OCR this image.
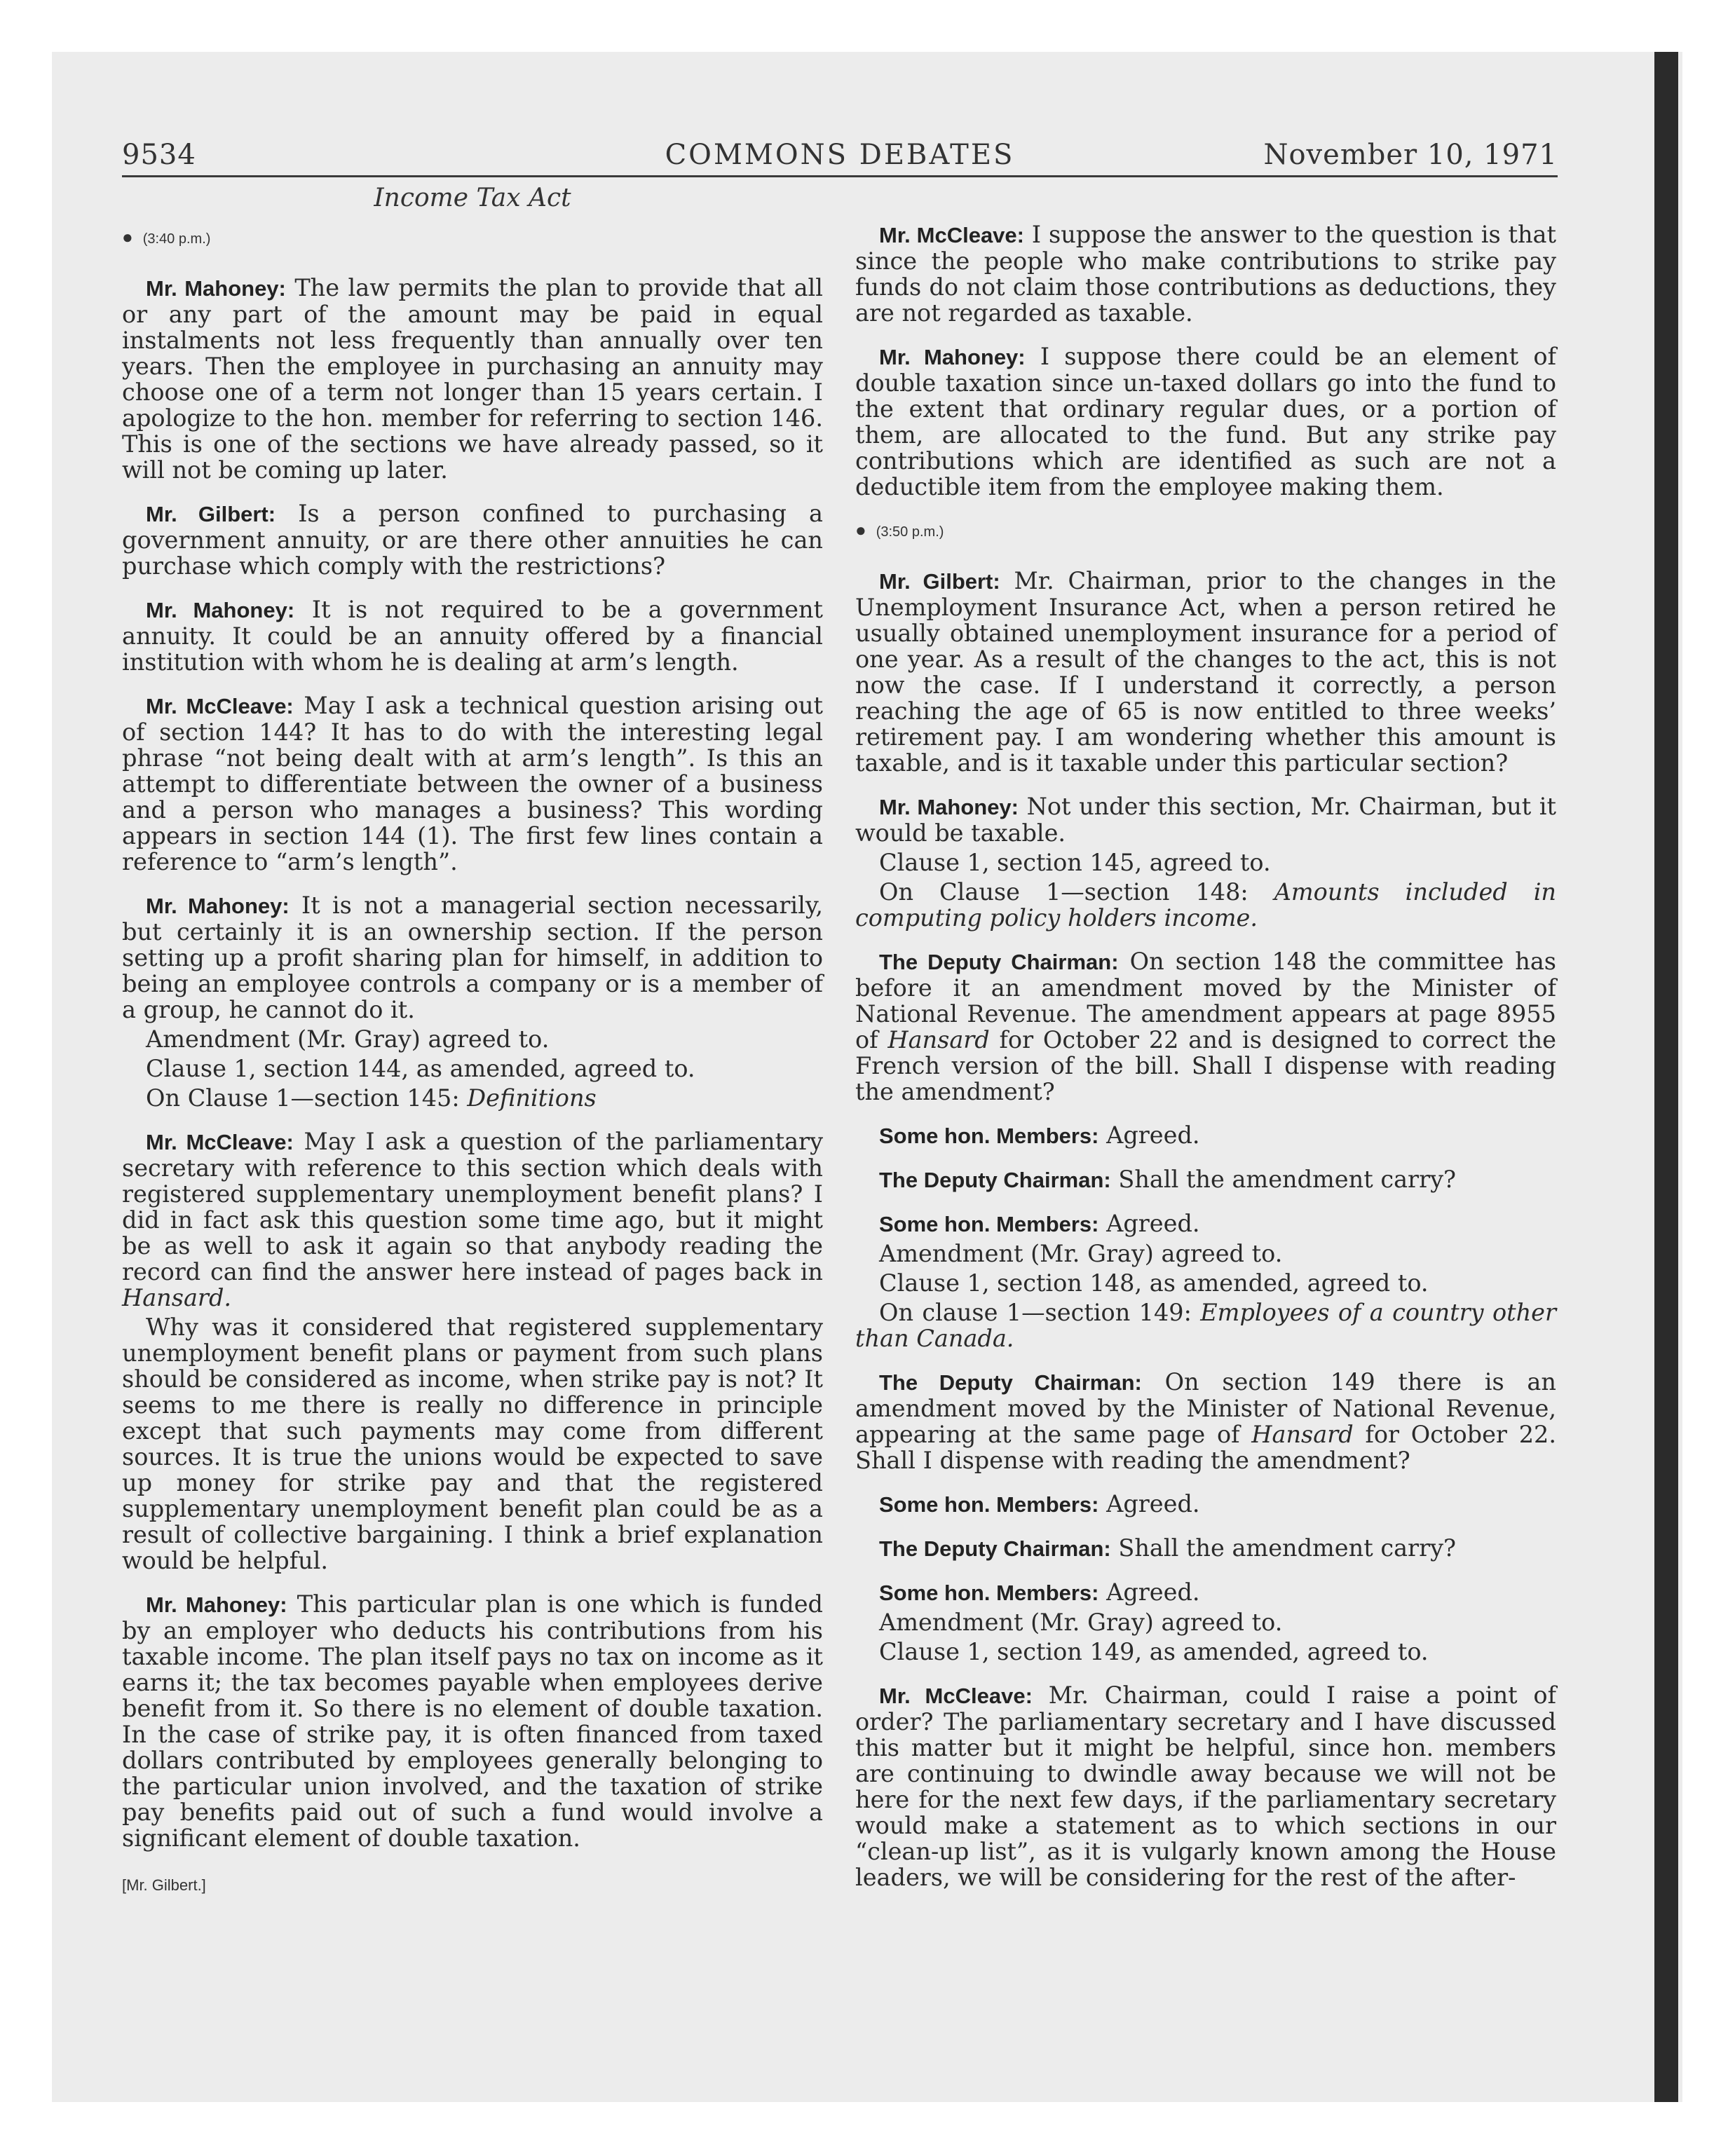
9534	COMMONS DEBATES	November 10, 1971
Income Tax Act
● (3:40 p.m.)

Mr. Mahoney: The law permits the plan to provide that all or any part of the amount may be paid in equal instalments not less frequently than annually over ten years. Then the employee in purchasing an annuity may choose one of a term not longer than 15 years certain. I apologize to the hon. member for referring to section 146. This is one of the sections we have already passed, so it will not be coming up later.

Mr. Gilbert: Is a person confined to purchasing a government annuity, or are there other annuities he can purchase which comply with the restrictions?

Mr. Mahoney: It is not required to be a government annuity. It could be an annuity offered by a financial institution with whom he is dealing at arm’s length.

Mr. McCleave: May I ask a technical question arising out of section 144? It has to do with the interesting legal phrase “not being dealt with at arm’s length”. Is this an attempt to differentiate between the owner of a business and a person who manages a business? This wording appears in section 144 (1). The first few lines contain a reference to “arm’s length”.

Mr. Mahoney: It is not a managerial section necessarily, but certainly it is an ownership section. If the person setting up a profit sharing plan for himself, in addition to being an employee controls a company or is a member of a group, he cannot do it.

Amendment (Mr. Gray) agreed to.

Clause 1, section 144, as amended, agreed to.

On Clause 1—section 145: Definitions

Mr. McCleave: May I ask a question of the parliamentary secretary with reference to this section which deals with registered supplementary unemployment benefit plans? I did in fact ask this question some time ago, but it might be as well to ask it again so that anybody reading the record can find the answer here instead of pages back in Hansard.

Why was it considered that registered supplementary unemployment benefit plans or payment from such plans should be considered as income, when strike pay is not? It seems to me there is really no difference in principle except that such payments may come from different sources. It is true the unions would be expected to save up money for strike pay and that the registered supplementary unemployment benefit plan could be as a result of collective bargaining. I think a brief explanation would be helpful.

Mr. Mahoney: This particular plan is one which is funded by an employer who deducts his contributions from his taxable income. The plan itself pays no tax on income as it earns it; the tax becomes payable when employees derive benefit from it. So there is no element of double taxation. In the case of strike pay, it is often financed from taxed dollars contributed by employees generally belonging to the particular union involved, and the taxation of strike pay benefits paid out of such a fund would involve a significant element of double taxation.

[Mr. Gilbert.]

Mr. McCleave: I suppose the answer to the question is that since the people who make contributions to strike pay funds do not claim those contributions as deductions, they are not regarded as taxable.

Mr. Mahoney: I suppose there could be an element of double taxation since un-taxed dollars go into the fund to the extent that ordinary regular dues, or a portion of them, are allocated to the fund. But any strike pay contributions which are identified as such are not a deductible item from the employee making them.

● (3:50 p.m.)

Mr. Gilbert: Mr. Chairman, prior to the changes in the Unemployment Insurance Act, when a person retired he usually obtained unemployment insurance for a period of one year. As a result of the changes to the act, this is not now the case. If I understand it correctly, a person reaching the age of 65 is now entitled to three weeks’ retirement pay. I am wondering whether this amount is taxable, and is it taxable under this particular section?

Mr. Mahoney: Not under this section, Mr. Chairman, but it would be taxable.

Clause 1, section 145, agreed to.

On Clause 1—section 148: Amounts included in computing policy holders income.

The Deputy Chairman: On section 148 the committee has before it an amendment moved by the Minister of National Revenue. The amendment appears at page 8955 of Hansard for October 22 and is designed to correct the French version of the bill. Shall I dispense with reading the amendment?

Some hon. Members: Agreed.

The Deputy Chairman: Shall the amendment carry?

Some hon. Members: Agreed.

Amendment (Mr. Gray) agreed to.

Clause 1, section 148, as amended, agreed to.

On clause 1—section 149: Employees of a country other than Canada.

The Deputy Chairman: On section 149 there is an amendment moved by the Minister of National Revenue, appearing at the same page of Hansard for October 22. Shall I dispense with reading the amendment?

Some hon. Members: Agreed.

The Deputy Chairman: Shall the amendment carry?

Some hon. Members: Agreed.

Amendment (Mr. Gray) agreed to.

Clause 1, section 149, as amended, agreed to.

Mr. McCleave: Mr. Chairman, could I raise a point of order? The parliamentary secretary and I have discussed this matter but it might be helpful, since hon. members are continuing to dwindle away because we will not be here for the next few days, if the parliamentary secretary would make a statement as to which sections in our “clean-up list”, as it is vulgarly known among the House leaders, we will be considering for the rest of the after-
